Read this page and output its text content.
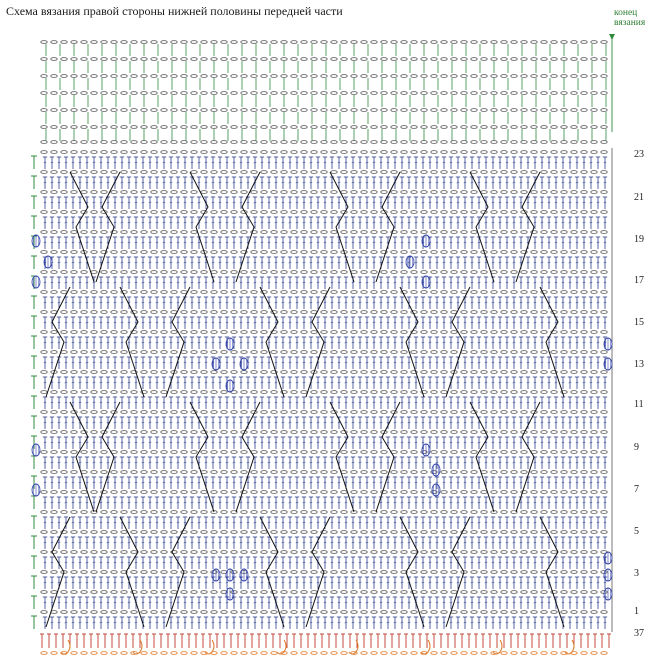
Схема вязания правой стороны нижней половины передней части	конец
вязания
23
21
19
17
15
13
11
9
7
5
3
1
37
